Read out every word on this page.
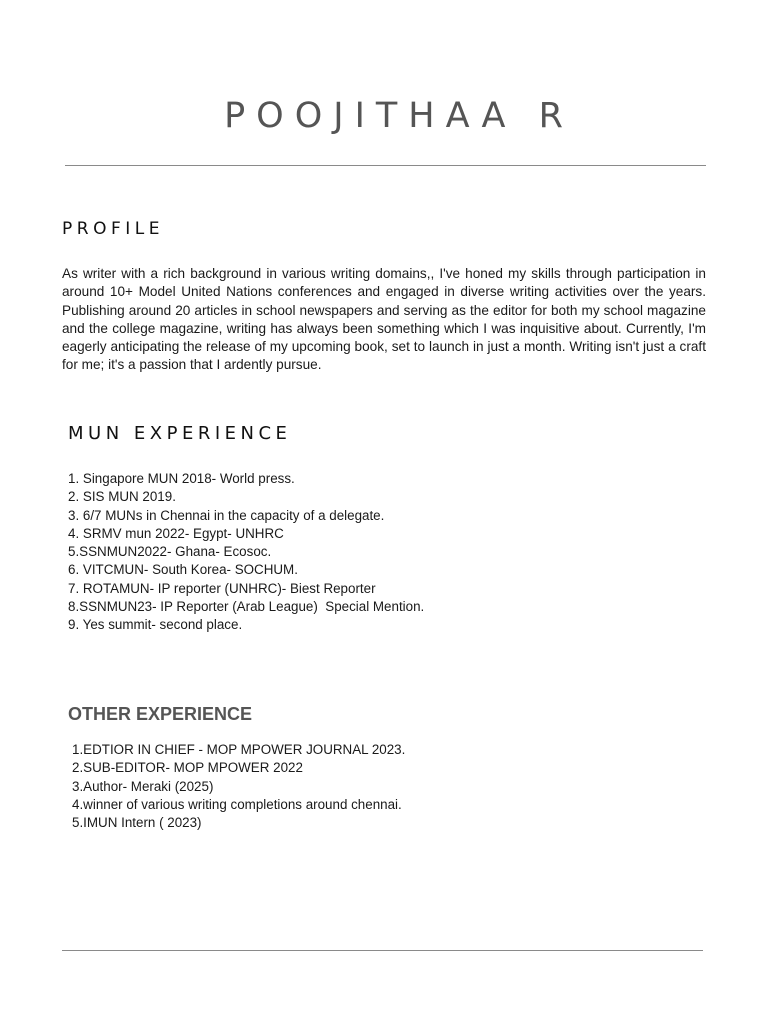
POOJITHAA R
PROFILE

As writer with a rich background in various writing domains,, I've honed my skills through participation in around 10+ Model United Nations conferences and engaged in diverse writing activities over the years. Publishing around 20 articles in school newspapers and serving as the editor for both my school magazine and the college magazine, writing has always been something which I was inquisitive about. Currently, I'm eagerly anticipating the release of my upcoming book, set to launch in just a month. Writing isn't just a craft for me; it's a passion that I ardently pursue.

MUN EXPERIENCE
1. Singapore MUN 2018- World press.
2. SIS MUN 2019.
3. 6/7 MUNs in Chennai in the capacity of a delegate.
4. SRMV mun 2022- Egypt- UNHRC
5.SSNMUN2022- Ghana- Ecosoc.
6. VITCMUN- South Korea- SOCHUM.
7. ROTAMUN- IP reporter (UNHRC)- Biest Reporter
8.SSNMUN23- IP Reporter (Arab League)  Special Mention.
9. Yes summit- second place.
OTHER EXPERIENCE
1.EDTIOR IN CHIEF - MOP MPOWER JOURNAL 2023.
2.SUB-EDITOR- MOP MPOWER 2022
3.Author- Meraki (2025)
4.winner of various writing completions around chennai.
5.IMUN Intern ( 2023)
